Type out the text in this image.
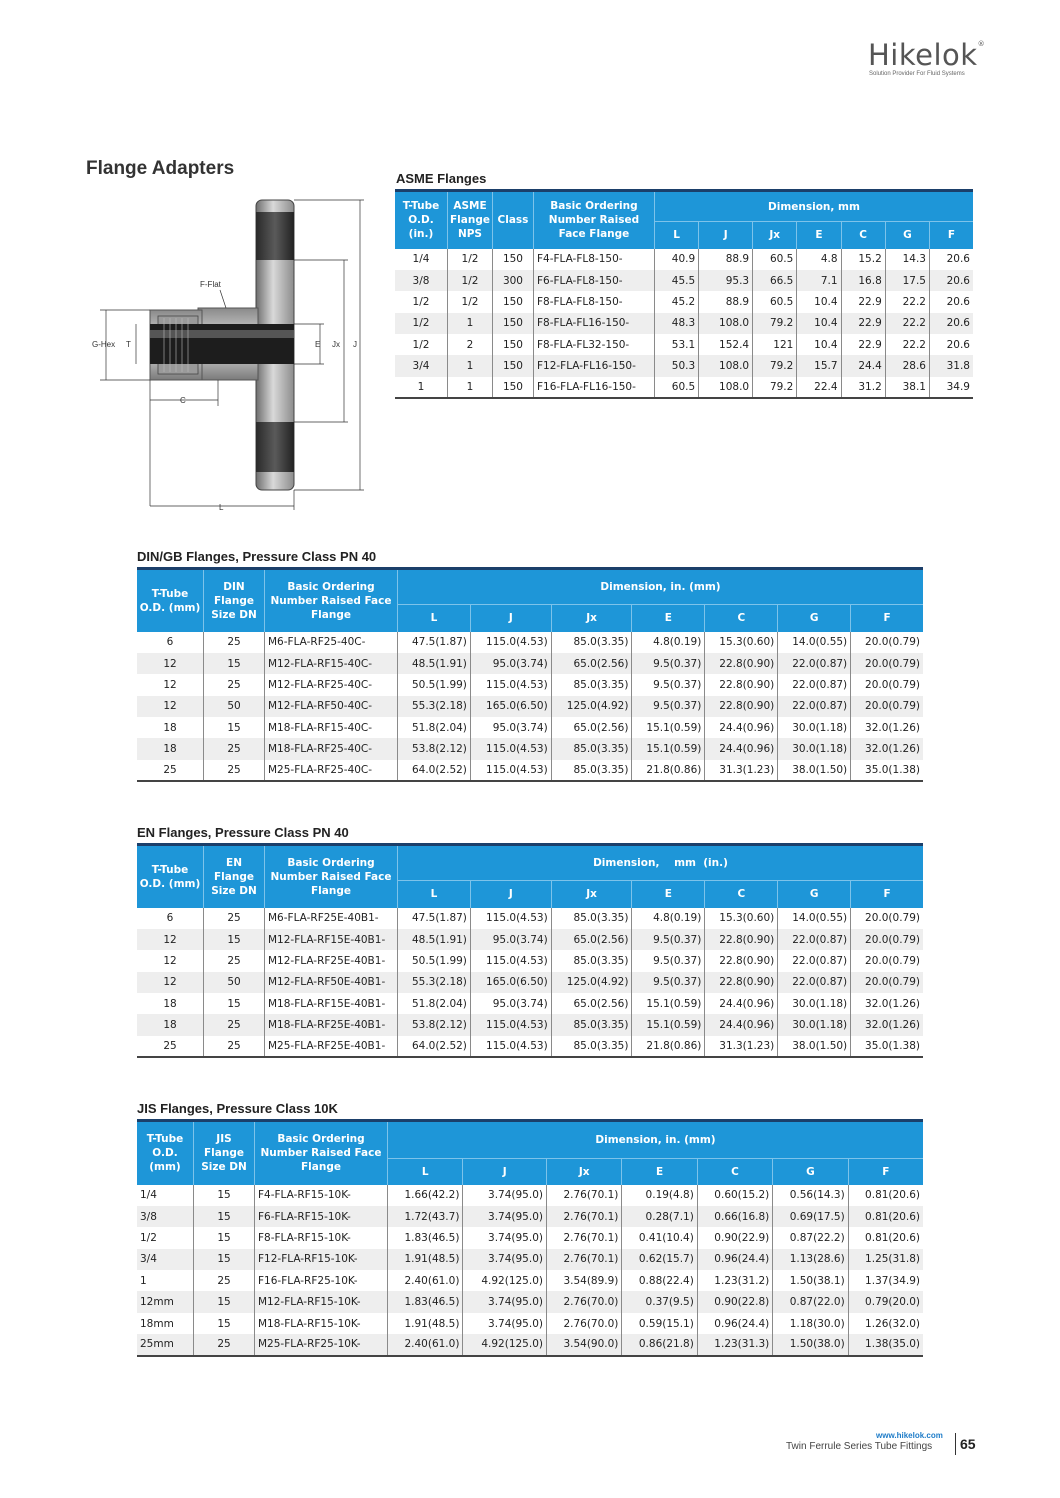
Hikelok®
Solution Provider For Fluid Systems
Flange Adapters
F-Flat
G-Hex T	E Jx J
C
L
ASME Flanges
T-Tube O.D. (in.)	ASME Flange NPS	Class	Basic Ordering Number Raised Face Flange	Dimension, mm						
				L	J	Jx	E	C	G	F
1/4	1/2	150	F4-FLA-FL8-150-	40.9	88.9	60.5	4.8	15.2	14.3	20.6
3/8	1/2	300	F6-FLA-FL8-150-	45.5	95.3	66.5	7.1	16.8	17.5	20.6
1/2	1/2	150	F8-FLA-FL8-150-	45.2	88.9	60.5	10.4	22.9	22.2	20.6
1/2	1	150	F8-FLA-FL16-150-	48.3	108.0	79.2	10.4	22.9	22.2	20.6
1/2	2	150	F8-FLA-FL32-150-	53.1	152.4	121	10.4	22.9	22.2	20.6
3/4	1	150	F12-FLA-FL16-150-	50.3	108.0	79.2	15.7	24.4	28.6	31.8
1	1	150	F16-FLA-FL16-150-	60.5	108.0	79.2	22.4	31.2	38.1	34.9
DIN/GB Flanges, Pressure Class PN 40
T-Tube O.D. (mm)	DIN Flange Size DN	Basic Ordering Number Raised Face Flange	Dimension, in. (mm)						
			L	J	Jx	E	C	G	F
6	25	M6-FLA-RF25-40C-	47.5(1.87)	115.0(4.53)	85.0(3.35)	4.8(0.19)	15.3(0.60)	14.0(0.55)	20.0(0.79)
12	15	M12-FLA-RF15-40C-	48.5(1.91)	95.0(3.74)	65.0(2.56)	9.5(0.37)	22.8(0.90)	22.0(0.87)	20.0(0.79)
12	25	M12-FLA-RF25-40C-	50.5(1.99)	115.0(4.53)	85.0(3.35)	9.5(0.37)	22.8(0.90)	22.0(0.87)	20.0(0.79)
12	50	M12-FLA-RF50-40C-	55.3(2.18)	165.0(6.50)	125.0(4.92)	9.5(0.37)	22.8(0.90)	22.0(0.87)	20.0(0.79)
18	15	M18-FLA-RF15-40C-	51.8(2.04)	95.0(3.74)	65.0(2.56)	15.1(0.59)	24.4(0.96)	30.0(1.18)	32.0(1.26)
18	25	M18-FLA-RF25-40C-	53.8(2.12)	115.0(4.53)	85.0(3.35)	15.1(0.59)	24.4(0.96)	30.0(1.18)	32.0(1.26)
25	25	M25-FLA-RF25-40C-	64.0(2.52)	115.0(4.53)	85.0(3.35)	21.8(0.86)	31.3(1.23)	38.0(1.50)	35.0(1.38)
EN Flanges, Pressure Class PN 40
T-Tube O.D. (mm)	EN Flange Size DN	Basic Ordering Number Raised Face Flange	Dimension,    mm  (in.)						
			L	J	Jx	E	C	G	F
6	25	M6-FLA-RF25E-40B1-	47.5(1.87)	115.0(4.53)	85.0(3.35)	4.8(0.19)	15.3(0.60)	14.0(0.55)	20.0(0.79)
12	15	M12-FLA-RF15E-40B1-	48.5(1.91)	95.0(3.74)	65.0(2.56)	9.5(0.37)	22.8(0.90)	22.0(0.87)	20.0(0.79)
12	25	M12-FLA-RF25E-40B1-	50.5(1.99)	115.0(4.53)	85.0(3.35)	9.5(0.37)	22.8(0.90)	22.0(0.87)	20.0(0.79)
12	50	M12-FLA-RF50E-40B1-	55.3(2.18)	165.0(6.50)	125.0(4.92)	9.5(0.37)	22.8(0.90)	22.0(0.87)	20.0(0.79)
18	15	M18-FLA-RF15E-40B1-	51.8(2.04)	95.0(3.74)	65.0(2.56)	15.1(0.59)	24.4(0.96)	30.0(1.18)	32.0(1.26)
18	25	M18-FLA-RF25E-40B1-	53.8(2.12)	115.0(4.53)	85.0(3.35)	15.1(0.59)	24.4(0.96)	30.0(1.18)	32.0(1.26)
25	25	M25-FLA-RF25E-40B1-	64.0(2.52)	115.0(4.53)	85.0(3.35)	21.8(0.86)	31.3(1.23)	38.0(1.50)	35.0(1.38)
JIS Flanges, Pressure Class 10K
T-Tube O.D. (mm)	JIS Flange Size DN	Basic Ordering Number Raised Face Flange	Dimension, in. (mm)						
			L	J	Jx	E	C	G	F
1/4	15	F4-FLA-RF15-10K-	1.66(42.2)	3.74(95.0)	2.76(70.1)	0.19(4.8)	0.60(15.2)	0.56(14.3)	0.81(20.6)
3/8	15	F6-FLA-RF15-10K-	1.72(43.7)	3.74(95.0)	2.76(70.1)	0.28(7.1)	0.66(16.8)	0.69(17.5)	0.81(20.6)
1/2	15	F8-FLA-RF15-10K-	1.83(46.5)	3.74(95.0)	2.76(70.1)	0.41(10.4)	0.90(22.9)	0.87(22.2)	0.81(20.6)
3/4	15	F12-FLA-RF15-10K-	1.91(48.5)	3.74(95.0)	2.76(70.1)	0.62(15.7)	0.96(24.4)	1.13(28.6)	1.25(31.8)
1	25	F16-FLA-RF25-10K-	2.40(61.0)	4.92(125.0)	3.54(89.9)	0.88(22.4)	1.23(31.2)	1.50(38.1)	1.37(34.9)
12mm	15	M12-FLA-RF15-10K-	1.83(46.5)	3.74(95.0)	2.76(70.0)	0.37(9.5)	0.90(22.8)	0.87(22.0)	0.79(20.0)
18mm	15	M18-FLA-RF15-10K-	1.91(48.5)	3.74(95.0)	2.76(70.0)	0.59(15.1)	0.96(24.4)	1.18(30.0)	1.26(32.0)
25mm	25	M25-FLA-RF25-10K-	2.40(61.0)	4.92(125.0)	3.54(90.0)	0.86(21.8)	1.23(31.3)	1.50(38.0)	1.38(35.0)
www.hikelok.com
Twin Ferrule Series Tube Fittings 65
